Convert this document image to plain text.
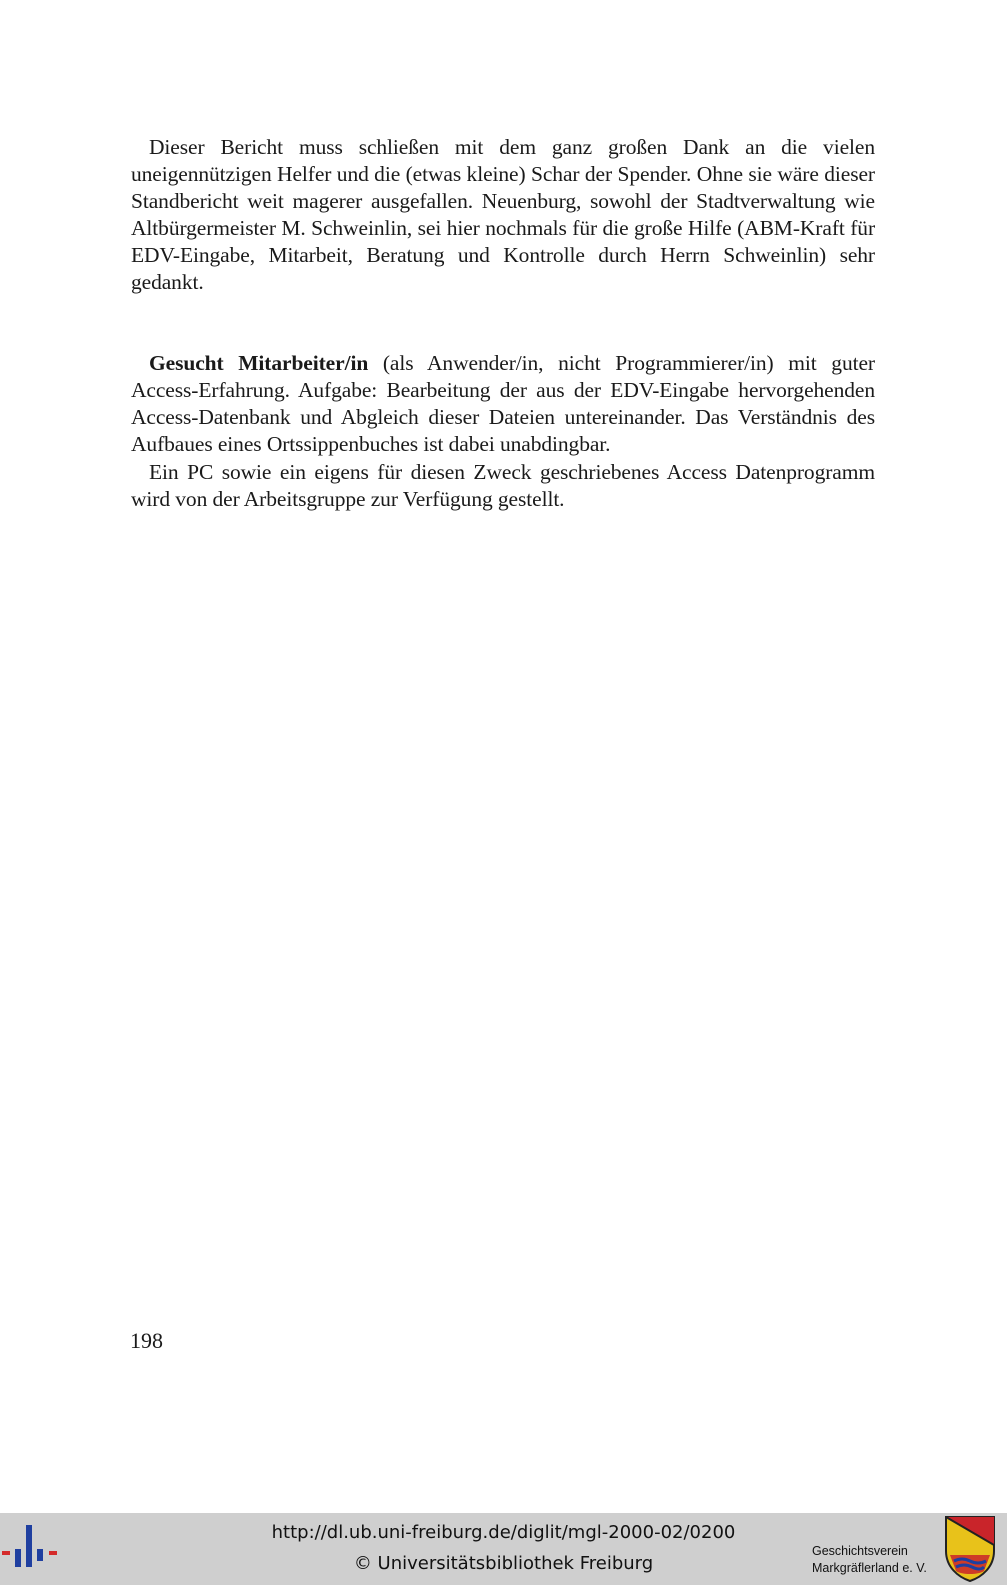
Dieser Bericht muss schließen mit dem ganz großen Dank an die vielen uneigennützigen Helfer und die (etwas kleine) Schar der Spender. Ohne sie wäre dieser Standbericht weit magerer ausgefallen. Neuenburg, sowohl der Stadtverwaltung wie Altbürgermeister M. Schweinlin, sei hier nochmals für die große Hilfe (ABM-Kraft für EDV-Eingabe, Mitarbeit, Beratung und Kontrolle durch Herrn Schweinlin) sehr gedankt.

Gesucht Mitarbeiter/in (als Anwender/in, nicht Programmierer/in) mit guter Access-Erfahrung. Aufgabe: Bearbeitung der aus der EDV-Eingabe hervorgehenden Access-Datenbank und Abgleich dieser Dateien untereinander. Das Verständnis des Aufbaues eines Ortssippenbuches ist dabei unabdingbar.

Ein PC sowie ein eigens für diesen Zweck geschriebenes Access Datenprogramm wird von der Arbeitsgruppe zur Verfügung gestellt.

198
http://dl.ub.uni-freiburg.de/diglit/mgl-2000-02/0200
© Universitätsbibliothek Freiburg
Geschichtsverein
Markgräflerland e. V.
